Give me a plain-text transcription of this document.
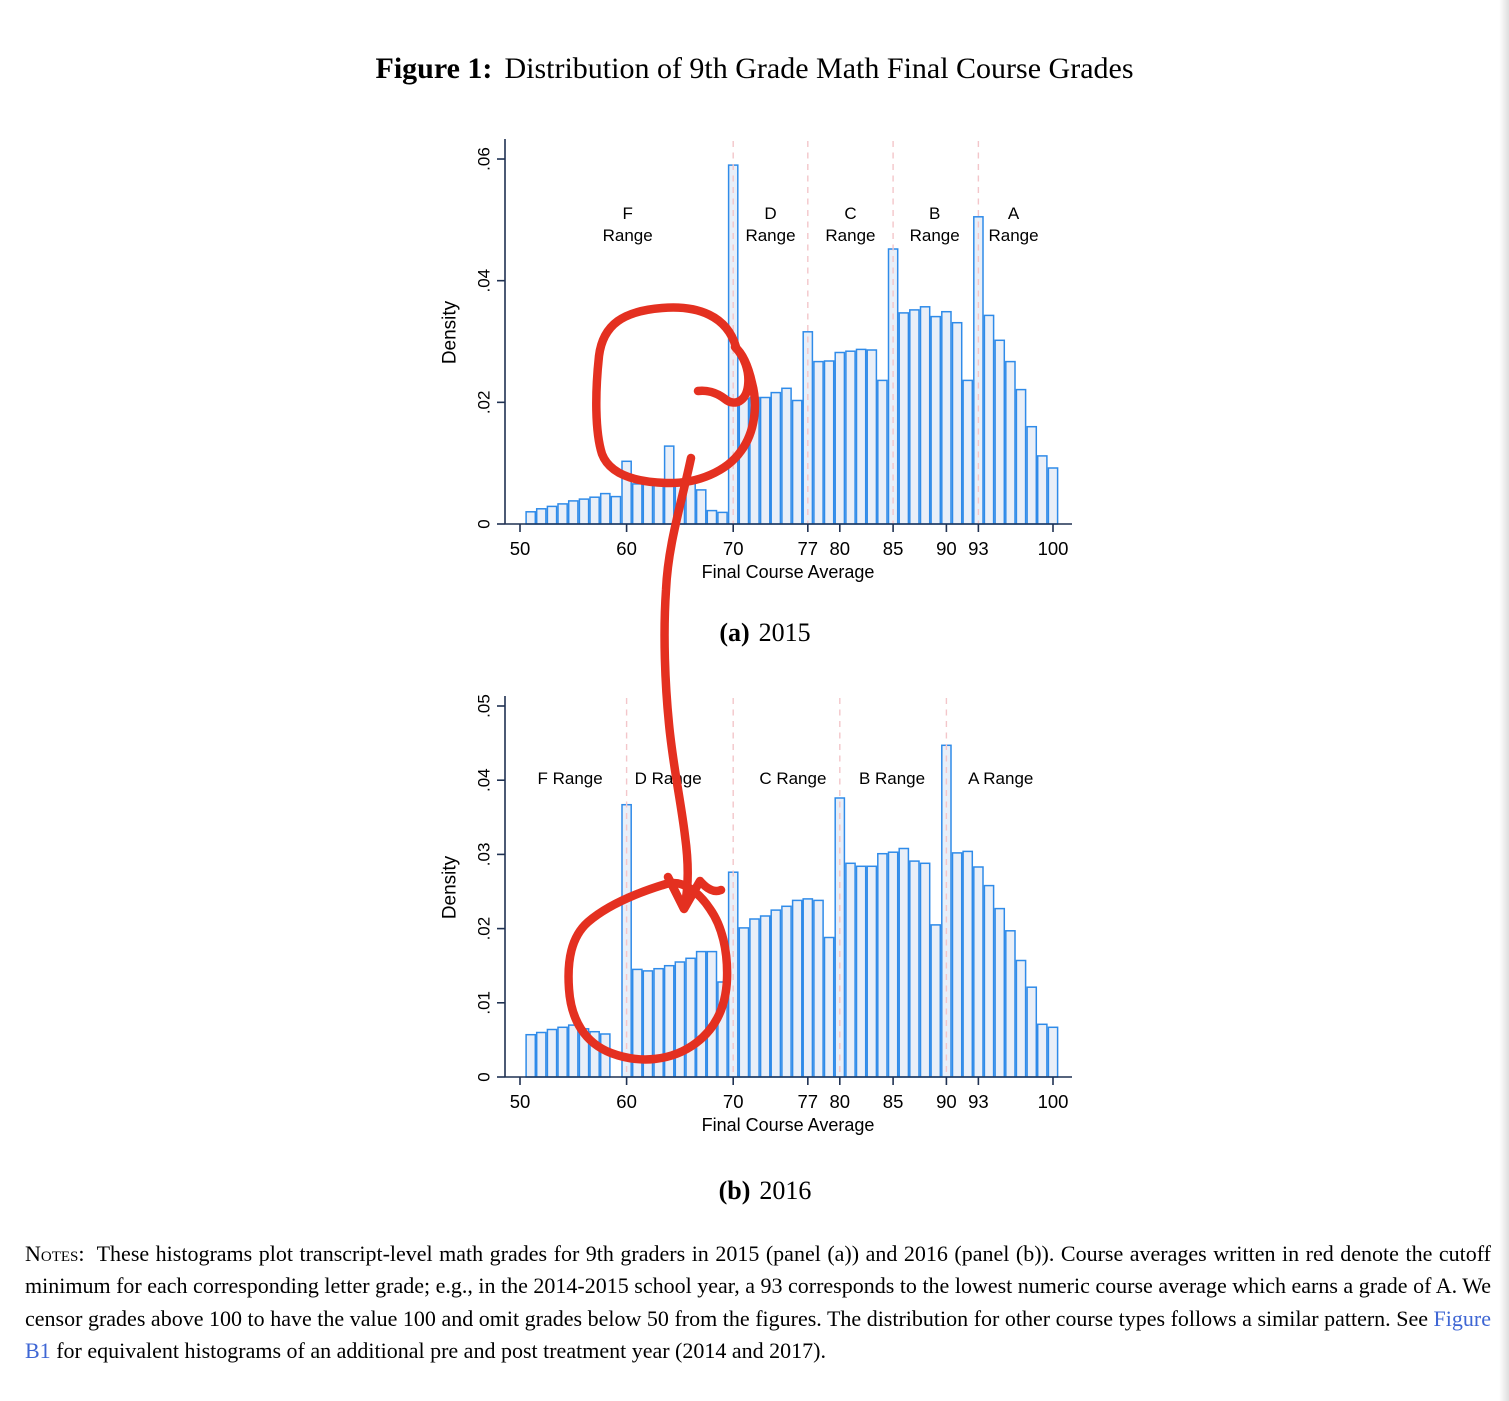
Figure 1: Distribution of 9th Grade Math Final Course Grades
0
.02
.04
.06
50	60	70	77 80 85 90 93	100
Final Course Average
Density
F
Range
D
Range
C
Range
B
Range
A
Range
(a) 2015
0
.01
.02
.03
.04
.05
50	60	70	77 80 85 90 93	100
Final Course Average
Density
F Range D Range	C Range B Range	A Range
(b) 2016

Notes: These histograms plot transcript-level math grades for 9th graders in 2015 (panel (a)) and 2016 (panel (b)). Course averages written in red denote the cutoff minimum for each corresponding letter grade; e.g., in the 2014-2015 school year, a 93 corresponds to the lowest numeric course average which earns a grade of A. We censor grades above 100 to have the value 100 and omit grades below 50 from the figures. The distribution for other course types follows a similar pattern. See Figure B1 for equivalent histograms of an additional pre and post treatment year (2014 and 2017).
